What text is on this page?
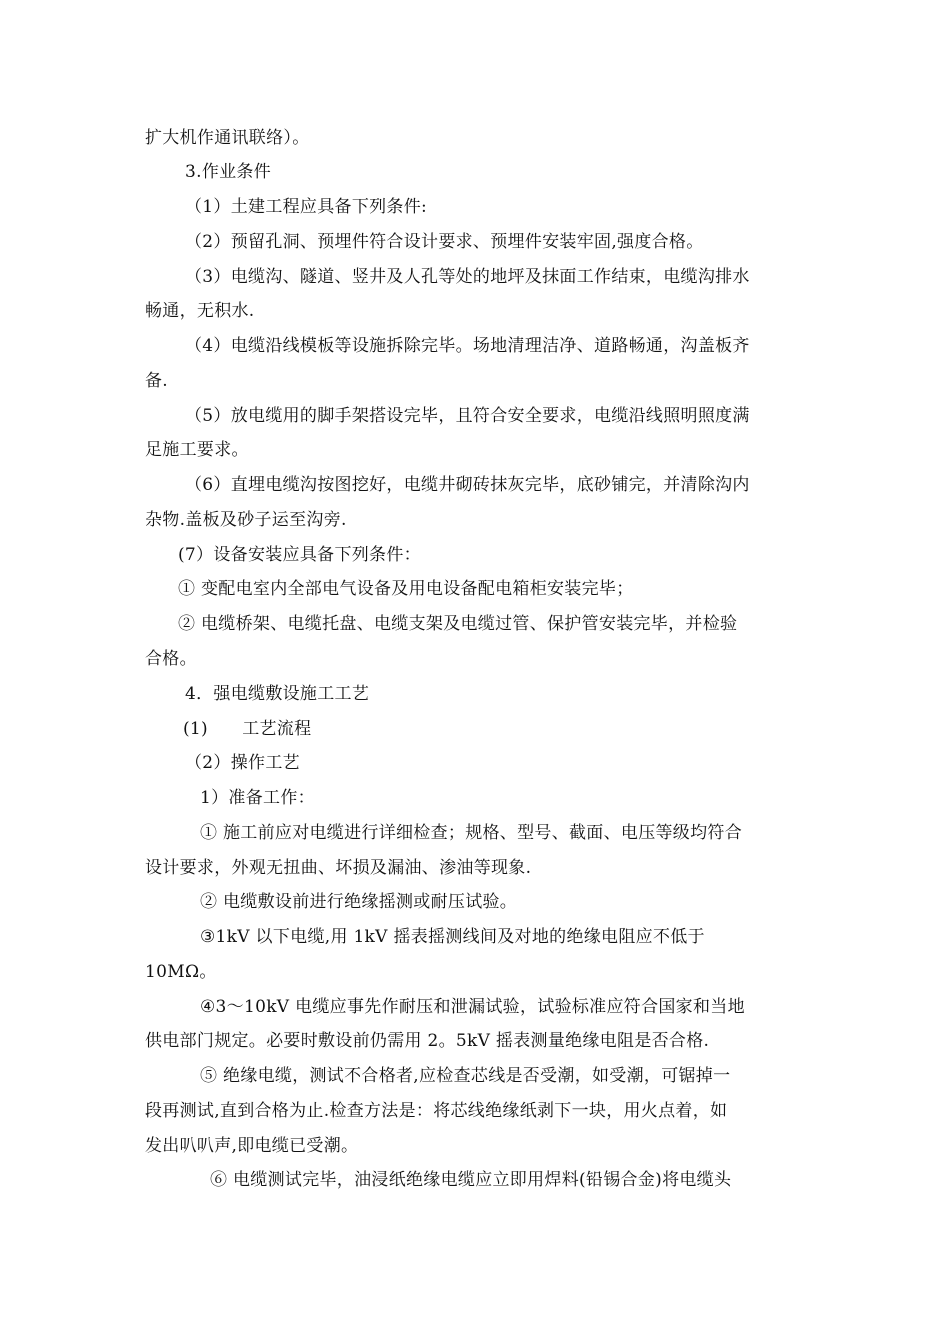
扩大机作通讯联络）。
3.作业条件
（1）土建工程应具备下列条件:
（2）预留孔洞、预埋件符合设计要求、预埋件安装牢固,强度合格。
（3）电缆沟、隧道、竖井及人孔等处的地坪及抹面工作结束，电缆沟排水
畅通，无积水.
（4）电缆沿线模板等设施拆除完毕。场地清理洁净、道路畅通，沟盖板齐
备.
（5）放电缆用的脚手架搭设完毕，且符合安全要求，电缆沿线照明照度满
足施工要求。
（6）直埋电缆沟按图挖好，电缆井砌砖抹灰完毕，底砂铺完，并清除沟内
杂物.盖板及砂子运至沟旁.
(7）设备安装应具备下列条件：
① 变配电室内全部电气设备及用电设备配电箱柜安装完毕；
② 电缆桥架、电缆托盘、电缆支架及电缆过管、保护管安装完毕，并检验
合格。
4．强电缆敷设施工工艺
(1)      工艺流程
（2）操作工艺
1）准备工作：
① 施工前应对电缆进行详细检查；规格、型号、截面、电压等级均符合
设计要求，外观无扭曲、坏损及漏油、渗油等现象.
② 电缆敷设前进行绝缘摇测或耐压试验。
③1kV 以下电缆,用 1kV 摇表摇测线间及对地的绝缘电阻应不低于
10MΩ。
④3～10kV 电缆应事先作耐压和泄漏试验，试验标准应符合国家和当地
供电部门规定。必要时敷设前仍需用 2。5kV 摇表测量绝缘电阻是否合格.
⑤ 绝缘电缆，测试不合格者,应检查芯线是否受潮，如受潮，可锯掉一
段再测试,直到合格为止.检查方法是：将芯线绝缘纸剥下一块，用火点着，如
发出叭叭声,即电缆已受潮。
⑥ 电缆测试完毕，油浸纸绝缘电缆应立即用焊料(铅锡合金)将电缆头
